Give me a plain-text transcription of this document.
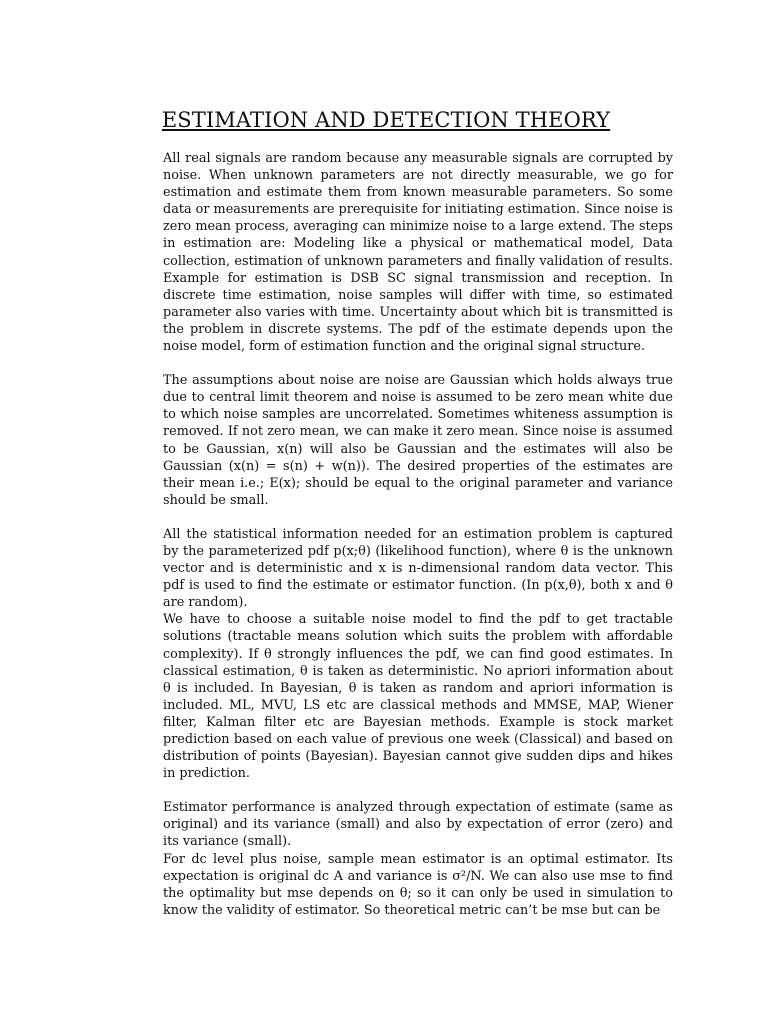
ESTIMATION AND DETECTION THEORY

All real signals are random because any measurable signals are corrupted by noise. When unknown parameters are not directly measurable, we go for estimation and estimate them from known measurable parameters. So some data or measurements are prerequisite for initiating estimation. Since noise is zero mean process, averaging can minimize noise to a large extend. The steps in estimation are: Modeling like a physical or mathematical model, Data collection, estimation of unknown parameters and finally validation of results. Example for estimation is DSB SC signal transmission and reception. In discrete time estimation, noise samples will differ with time, so estimated parameter also varies with time. Uncertainty about which bit is transmitted is the problem in discrete systems. The pdf of the estimate depends upon the noise model, form of estimation function and the original signal structure.

The assumptions about noise are noise are Gaussian which holds always true due to central limit theorem and noise is assumed to be zero mean white due to which noise samples are uncorrelated. Sometimes whiteness assumption is removed. If not zero mean, we can make it zero mean. Since noise is assumed to be Gaussian, x(n) will also be Gaussian and the estimates will also be Gaussian (x(n) = s(n) + w(n)). The desired properties of the estimates are their mean i.e.; E(x); should be equal to the original parameter and variance should be small.

All the statistical information needed for an estimation problem is captured by the parameterized pdf p(x;θ) (likelihood function), where θ is the unknown vector and is deterministic and x is n-dimensional random data vector. This pdf is used to find the estimate or estimator function. (In p(x,θ), both x and θ are random).

We have to choose a suitable noise model to find the pdf to get tractable solutions (tractable means solution which suits the problem with affordable complexity). If θ strongly influences the pdf, we can find good estimates. In classical estimation, θ is taken as deterministic. No apriori information about θ is included. In Bayesian, θ is taken as random and apriori information is included. ML, MVU, LS etc are classical methods and MMSE, MAP, Wiener filter, Kalman filter etc are Bayesian methods. Example is stock market prediction based on each value of previous one week (Classical) and based on distribution of points (Bayesian). Bayesian cannot give sudden dips and hikes in prediction.

Estimator performance is analyzed through expectation of estimate (same as original) and its variance (small) and also by expectation of error (zero) and its variance (small).

For dc level plus noise, sample mean estimator is an optimal estimator. Its expectation is original dc A and variance is σ²/N. We can also use mse to find the optimality but mse depends on θ; so it can only be used in simulation to know the validity of estimator. So theoretical metric can’t be mse but can be
